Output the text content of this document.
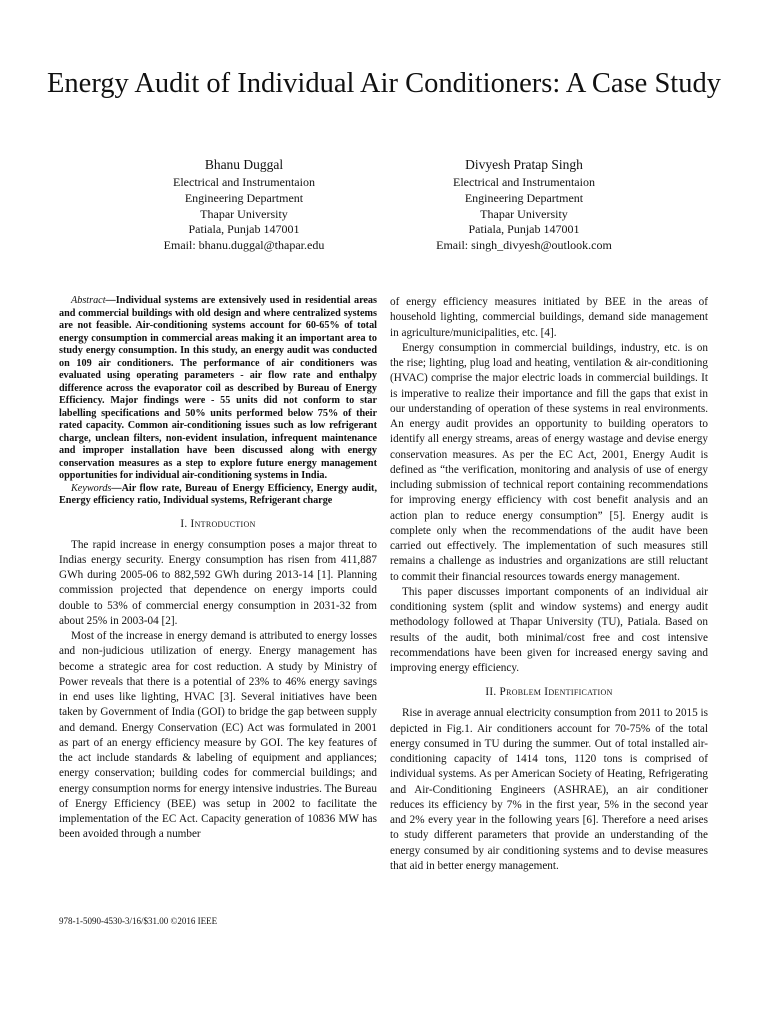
Energy Audit of Individual Air Conditioners: A Case Study
Bhanu Duggal
Electrical and Instrumentaion
Engineering Department
Thapar University
Patiala, Punjab 147001
Email: bhanu.duggal@thapar.edu
Divyesh Pratap Singh
Electrical and Instrumentaion
Engineering Department
Thapar University
Patiala, Punjab 147001
Email: singh_divyesh@outlook.com
Abstract—Individual systems are extensively used in residential areas and commercial buildings with old design and where centralized systems are not feasible. Air-conditioning systems account for 60-65% of total energy consumption in commercial areas making it an important area to study energy consumption. In this study, an energy audit was conducted on 109 air conditioners. The performance of air conditioners was evaluated using operating parameters - air flow rate and enthalpy difference across the evaporator coil as described by Bureau of Energy Efficiency. Major findings were - 55 units did not conform to star labelling specifications and 50% units performed below 75% of their rated capacity. Common air-conditioning issues such as low refrigerant charge, unclean filters, non-evident insulation, infrequent maintenance and improper installation have been discussed along with energy conservation measures as a step to explore future energy management opportunities for individual air-conditioning systems in India.
Keywords—Air flow rate, Bureau of Energy Efficiency, Energy audit, Energy efficiency ratio, Individual systems, Refrigerant charge
I. Introduction

The rapid increase in energy consumption poses a major threat to Indias energy security. Energy consumption has risen from 411,887 GWh during 2005-06 to 882,592 GWh during 2013-14 [1]. Planning commission projected that dependence on energy imports could double to 53% of commercial energy consumption in 2031-32 from about 25% in 2003-04 [2].

Most of the increase in energy demand is attributed to energy losses and non-judicious utilization of energy. Energy management has become a strategic area for cost reduction. A study by Ministry of Power reveals that there is a potential of 23% to 46% energy savings in end uses like lighting, HVAC [3]. Several initiatives have been taken by Government of India (GOI) to bridge the gap between supply and demand. Energy Conservation (EC) Act was formulated in 2001 as part of an energy efficiency measure by GOI. The key features of the act include standards & labeling of equipment and appliances; energy conservation; building codes for commercial buildings; and energy consumption norms for energy intensive industries. The Bureau of Energy Efficiency (BEE) was setup in 2002 to facilitate the implementation of the EC Act. Capacity generation of 10836 MW has been avoided through a number

of energy efficiency measures initiated by BEE in the areas of household lighting, commercial buildings, demand side management in agriculture/municipalities, etc. [4].

Energy consumption in commercial buildings, industry, etc. is on the rise; lighting, plug load and heating, ventilation & air-conditioning (HVAC) comprise the major electric loads in commercial buildings. It is imperative to realize their importance and fill the gaps that exist in our understanding of operation of these systems in real environments. An energy audit provides an opportunity to building operators to identify all energy streams, areas of energy wastage and devise energy conservation measures. As per the EC Act, 2001, Energy Audit is defined as “the verification, monitoring and analysis of use of energy including submission of technical report containing recommendations for improving energy efficiency with cost benefit analysis and an action plan to reduce energy consumption” [5]. Energy audit is complete only when the recommendations of the audit have been carried out effectively. The implementation of such measures still remains a challenge as industries and organizations are still reluctant to commit their financial resources towards energy management.

This paper discusses important components of an individual air conditioning system (split and window systems) and energy audit methodology followed at Thapar University (TU), Patiala. Based on results of the audit, both minimal/cost free and cost intensive recommendations have been given for increased energy saving and improving energy efficiency.

II. Problem Identification

Rise in average annual electricity consumption from 2011 to 2015 is depicted in Fig.1. Air conditioners account for 70-75% of the total energy consumed in TU during the summer. Out of total installed air-conditioning capacity of 1414 tons, 1120 tons is comprised of individual systems. As per American Society of Heating, Refrigerating and Air-Conditioning Engineers (ASHRAE), an air conditioner reduces its efficiency by 7% in the first year, 5% in the second year and 2% every year in the following years [6]. Therefore a need arises to study different parameters that provide an understanding of the energy consumed by air conditioning systems and to devise measures that aid in better energy management.

978-1-5090-4530-3/16/$31.00 ©2016 IEEE
